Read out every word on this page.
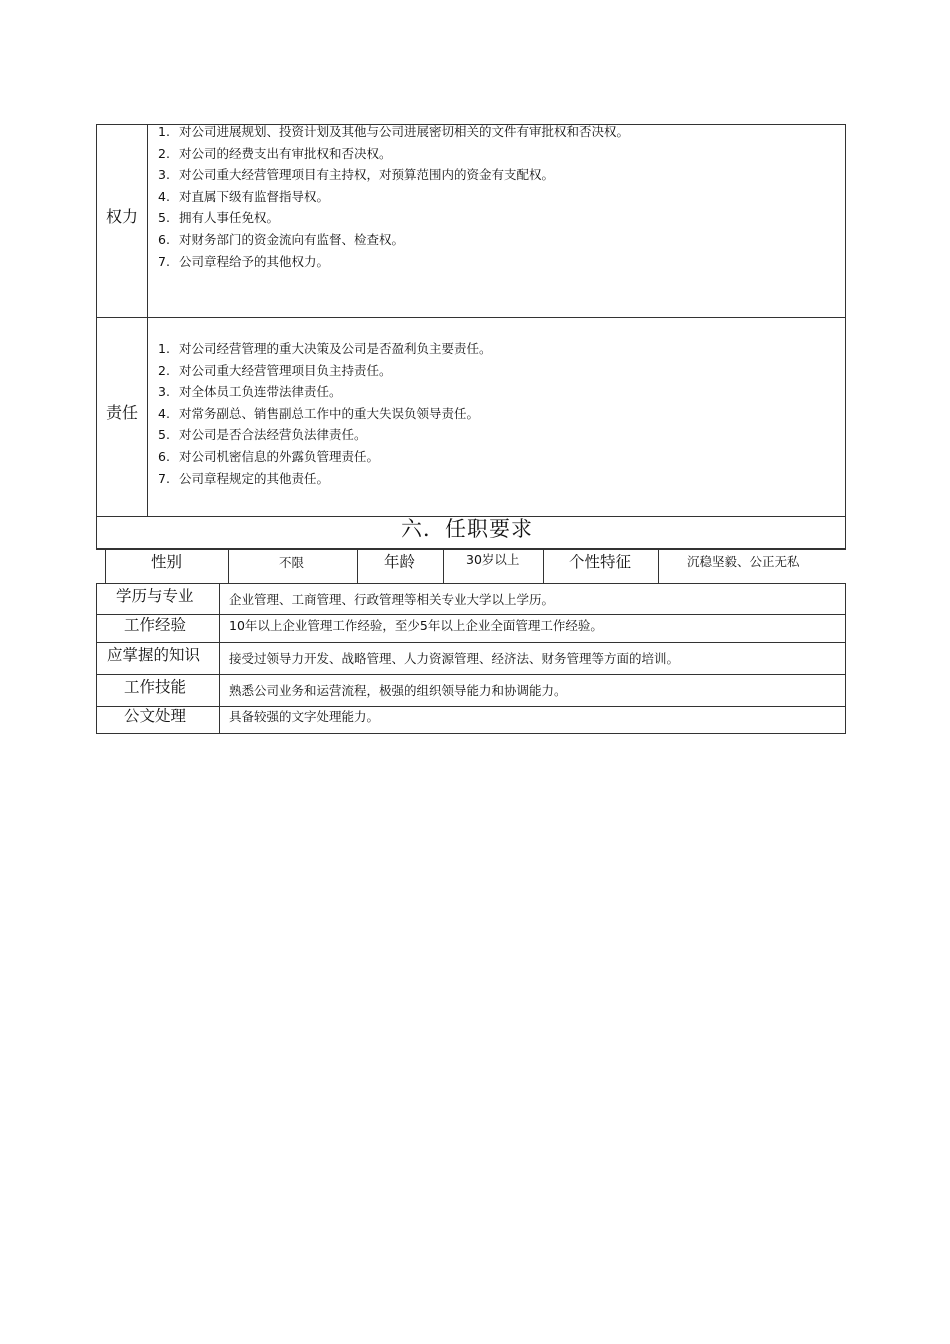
权力
1. 对公司进展规划、投资计划及其他与公司进展密切相关的文件有审批权和否决权。
2. 对公司的经费支出有审批权和否决权。
3. 对公司重大经营管理项目有主持权，对预算范围内的资金有支配权。
4. 对直属下级有监督指导权。
5. 拥有人事任免权。
6. 对财务部门的资金流向有监督、检查权。
7. 公司章程给予的其他权力。
责任
1. 对公司经营管理的重大决策及公司是否盈利负主要责任。
2. 对公司重大经营管理项目负主持责任。
3. 对全体员工负连带法律责任。
4. 对常务副总、销售副总工作中的重大失误负领导责任。
5. 对公司是否合法经营负法律责任。
6. 对公司机密信息的外露负管理责任。
7. 公司章程规定的其他责任。
六．任职要求
性别	不限	年龄	30岁以上	个性特征	沉稳坚毅、公正无私
学历与专业	企业管理、工商管理、行政管理等相关专业大学以上学历。
工作经验	10年以上企业管理工作经验，至少5年以上企业全面管理工作经验。
应掌握的知识 接受过领导力开发、战略管理、人力资源管理、经济法、财务管理等方面的培训。
工作技能	熟悉公司业务和运营流程，极强的组织领导能力和协调能力。
公文处理	具备较强的文字处理能力。
